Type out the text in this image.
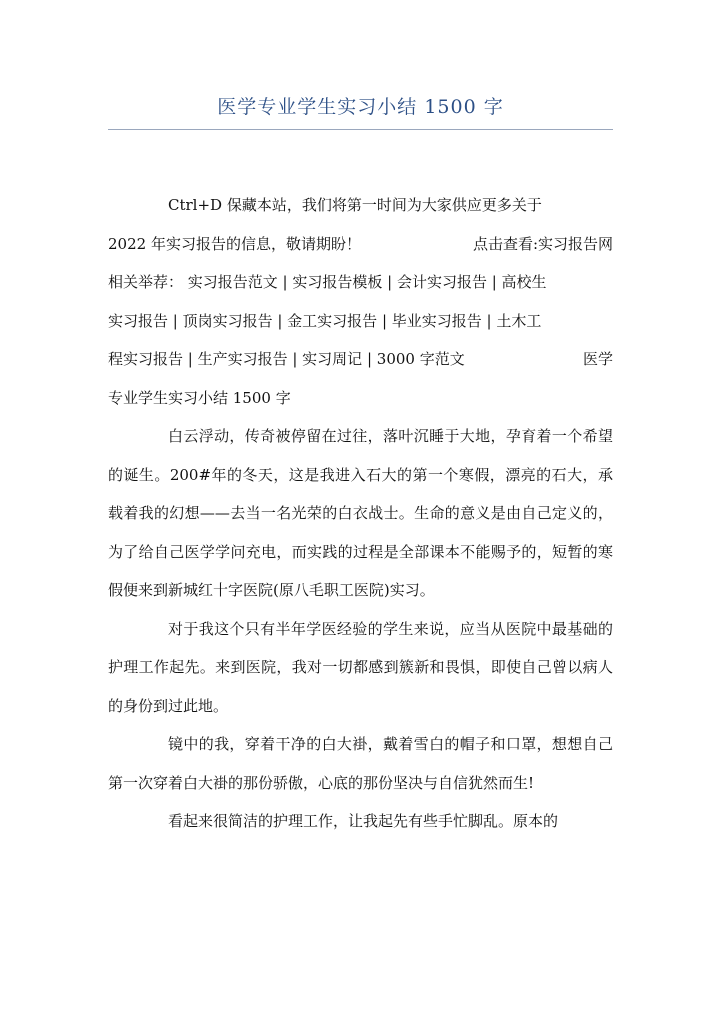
医学专业学生实习小结 1500 字

Ctrl+D 保藏本站，我们将第一时间为大家供应更多关于

2022 年实习报告的信息，敬请期盼！	点击查看:实习报告网

相关举荐： 实习报告范文 | 实习报告模板 | 会计实习报告 | 高校生

实习报告 | 顶岗实习报告 | 金工实习报告 | 毕业实习报告 | 土木工

程实习报告 | 生产实习报告 | 实习周记 | 3000 字范文	医学

专业学生实习小结 1500 字

白云浮动，传奇被停留在过往，落叶沉睡于大地，孕育着一个希望的诞生。200#年的冬天，这是我进入石大的第一个寒假，漂亮的石大，承载着我的幻想——去当一名光荣的白衣战士。生命的意义是由自己定义的，为了给自己医学学问充电，而实践的过程是全部课本不能赐予的，短暂的寒假便来到新城红十字医院(原八毛职工医院)实习。

对于我这个只有半年学医经验的学生来说，应当从医院中最基础的护理工作起先。来到医院，我对一切都感到簇新和畏惧，即使自己曾以病人的身份到过此地。

镜中的我，穿着干净的白大褂，戴着雪白的帽子和口罩，想想自己第一次穿着白大褂的那份骄傲，心底的那份坚决与自信犹然而生!

看起来很简洁的护理工作，让我起先有些手忙脚乱。原本的
